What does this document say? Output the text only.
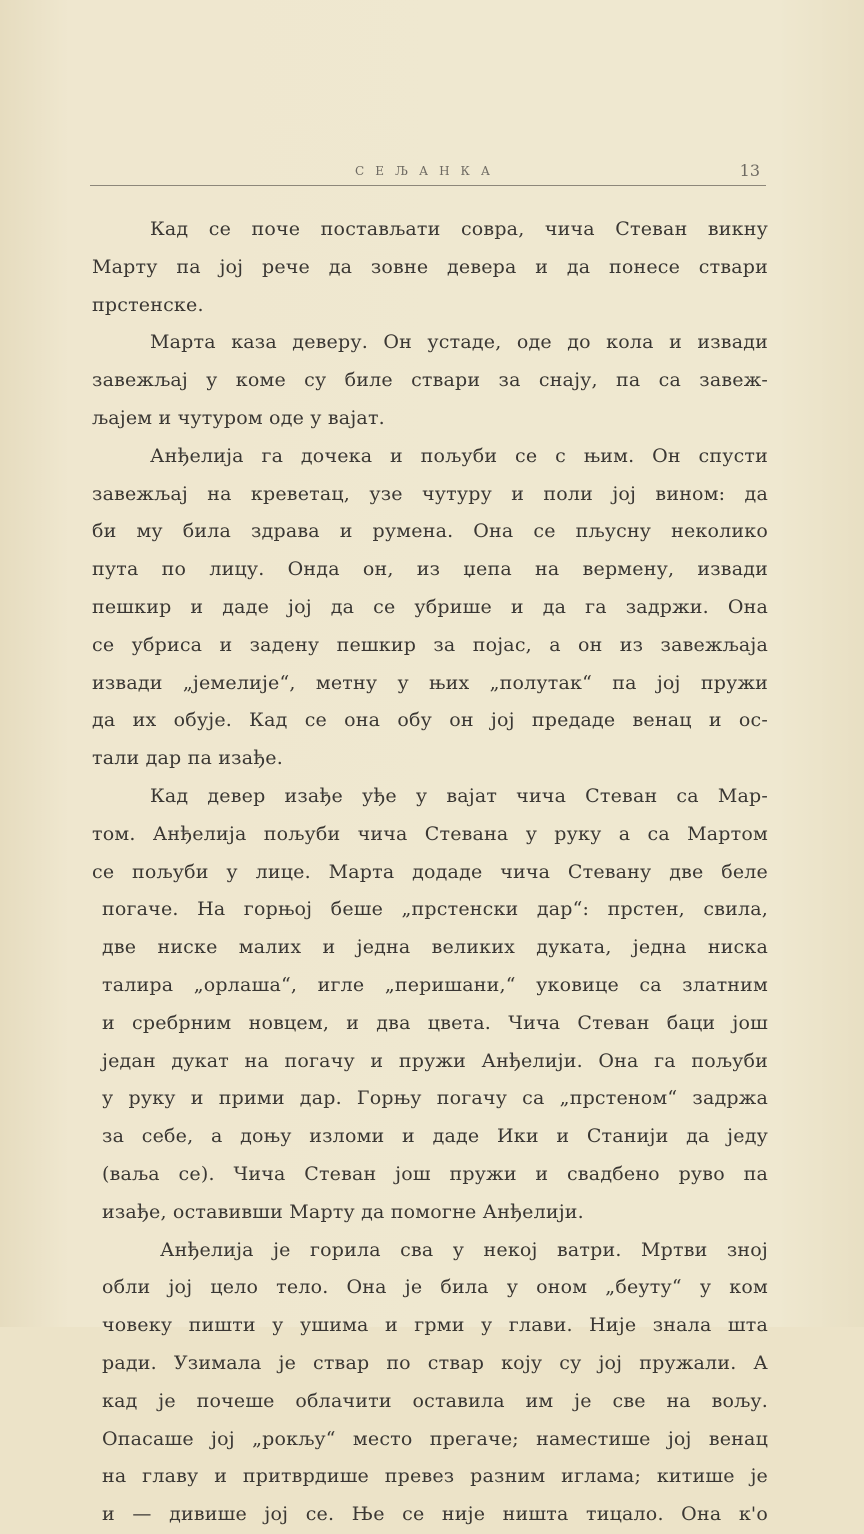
СЕЉАНКА	13
Кад се поче постављати совра, чича Стеван викну
Марту па јој рече да зовне девера и да понесе ствари
прстенске.
Марта каза деверу. Он устаде, оде до кола и извади
завежљај у коме су биле ствари за снају, па са завеж-
љајем и чутуром оде у вајат.
Анђелија га дочека и пољуби се с њим. Он спусти
завежљај на креветац, узе чутуру и поли јој вином: да
би му била здрава и румена. Она се пљусну неколико
пута по лицу. Онда он, из џепа на вермену, извади
пешкир и даде јој да се убрише и да га задржи. Она
се убриса и задену пешкир за појас, а он из завежљаја
извади „јемелије“, метну у њих „полутак“ па јој пружи
да их обује. Кад се она обу он јој предаде венац и ос-
тали дар па изађе.
Кад девер изађе уђе у вајат чича Стеван са Мар-
том. Анђелија пољуби чича Стевана у руку а са Мартом
се пољуби у лице. Марта додаде чича Стевану две беле
погаче. На горњој беше „прстенски дар“: прстен, свила,
две ниске малих и једна великих дуката, једна ниска
талира „орлаша“, игле „перишани,“ уковице са златним
и сребрним новцем, и два цвета. Чича Стеван баци још
један дукат на погачу и пружи Анђелији. Она га пољуби
у руку и прими дар. Горњу погачу са „прстеном“ задржа
за себе, а доњу изломи и даде Ики и Станији да једу
(ваља се). Чича Стеван још пружи и свадбено руво па
изађе, оставивши Марту да помогне Анђелији.
Анђелија је горила сва у некој ватри. Мртви зној
обли јој цело тело. Она је била у оном „беуту“ у ком
човеку пишти у ушима и грми у глави. Није знала шта
ради. Узимала је ствар по ствар коју су јој пружали. А
кад је почеше облачити оставила им је све на вољу.
Опасаше јој „рокљу“ место прегаче; наместише јој венац
на главу и притврдише превез разним иглама; китише је
и — дивише јој се. Ње се није ништа тицало. Она к'о
